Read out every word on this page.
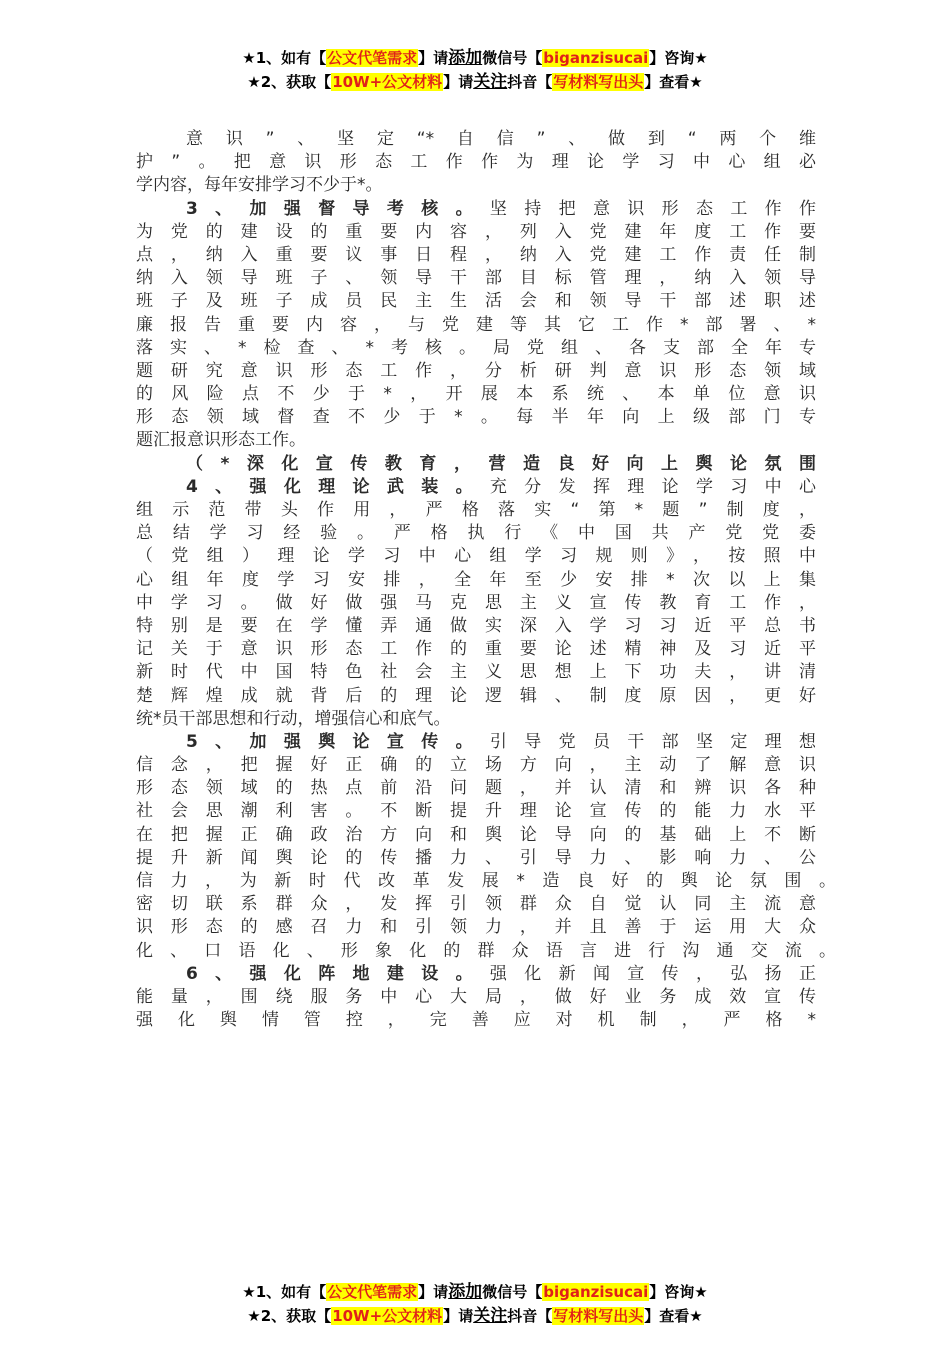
★1、如有【公文代笔需求】请添加微信号【biganzisucai】咨询★
★2、获取【10W+公文材料】请关注抖音【写材料写出头】查看★
意识”、坚定“*自信”、做到“两个维
护”。把意识形态工作作为理论学习中心组必
学内容，每年安排学习不少于*。
3、加强督导考核。坚持把意识形态工作作
为党的建设的重要内容，列入党建年度工作要
点，纳入重要议事日程，纳入党建工作责任制
纳入领导班子、领导干部目标管理，纳入领导
班子及班子成员民主生活会和领导干部述职述
廉报告重要内容，与党建等其它工作*部署、*
落实、*检查、*考核。局党组、各支部全年专
题研究意识形态工作，分析研判意识形态领域
的风险点不少于*，开展本系统、本单位意识
形态领域督查不少于*。每半年向上级部门专
题汇报意识形态工作。
（*深化宣传教育，营造良好向上舆论氛围
4、强化理论武装。充分发挥理论学习中心
组示范带头作用，严格落实“第*题”制度，
总结学习经验。严格执行《中国共产党党委
（党组）理论学习中心组学习规则》，按照中
心组年度学习安排，全年至少安排*次以上集
中学习。做好做强马克思主义宣传教育工作，
特别是要在学懂弄通做实深入学习习近平总书
记关于意识形态工作的重要论述精神及习近平
新时代中国特色社会主义思想上下功夫，讲清
楚辉煌成就背后的理论逻辑、制度原因，更好
统*员干部思想和行动，增强信心和底气。
5、加强舆论宣传。引导党员干部坚定理想
信念，把握好正确的立场方向，主动了解意识
形态领域的热点前沿问题，并认清和辨识各种
社会思潮利害。不断提升理论宣传的能力水平
在把握正确政治方向和舆论导向的基础上不断
提升新闻舆论的传播力、引导力、影响力、公
信力，为新时代改革发展*造良好的舆论氛围。
密切联系群众，发挥引领群众自觉认同主流意
识形态的感召力和引领力，并且善于运用大众
化、口语化、形象化的群众语言进行沟通交流。
6、强化阵地建设。强化新闻宣传，弘扬正
能量，围绕服务中心大局，做好业务成效宣传
强化舆情管控，完善应对机制，严格*
★1、如有【公文代笔需求】请添加微信号【biganzisucai】咨询★
★2、获取【10W+公文材料】请关注抖音【写材料写出头】查看★
